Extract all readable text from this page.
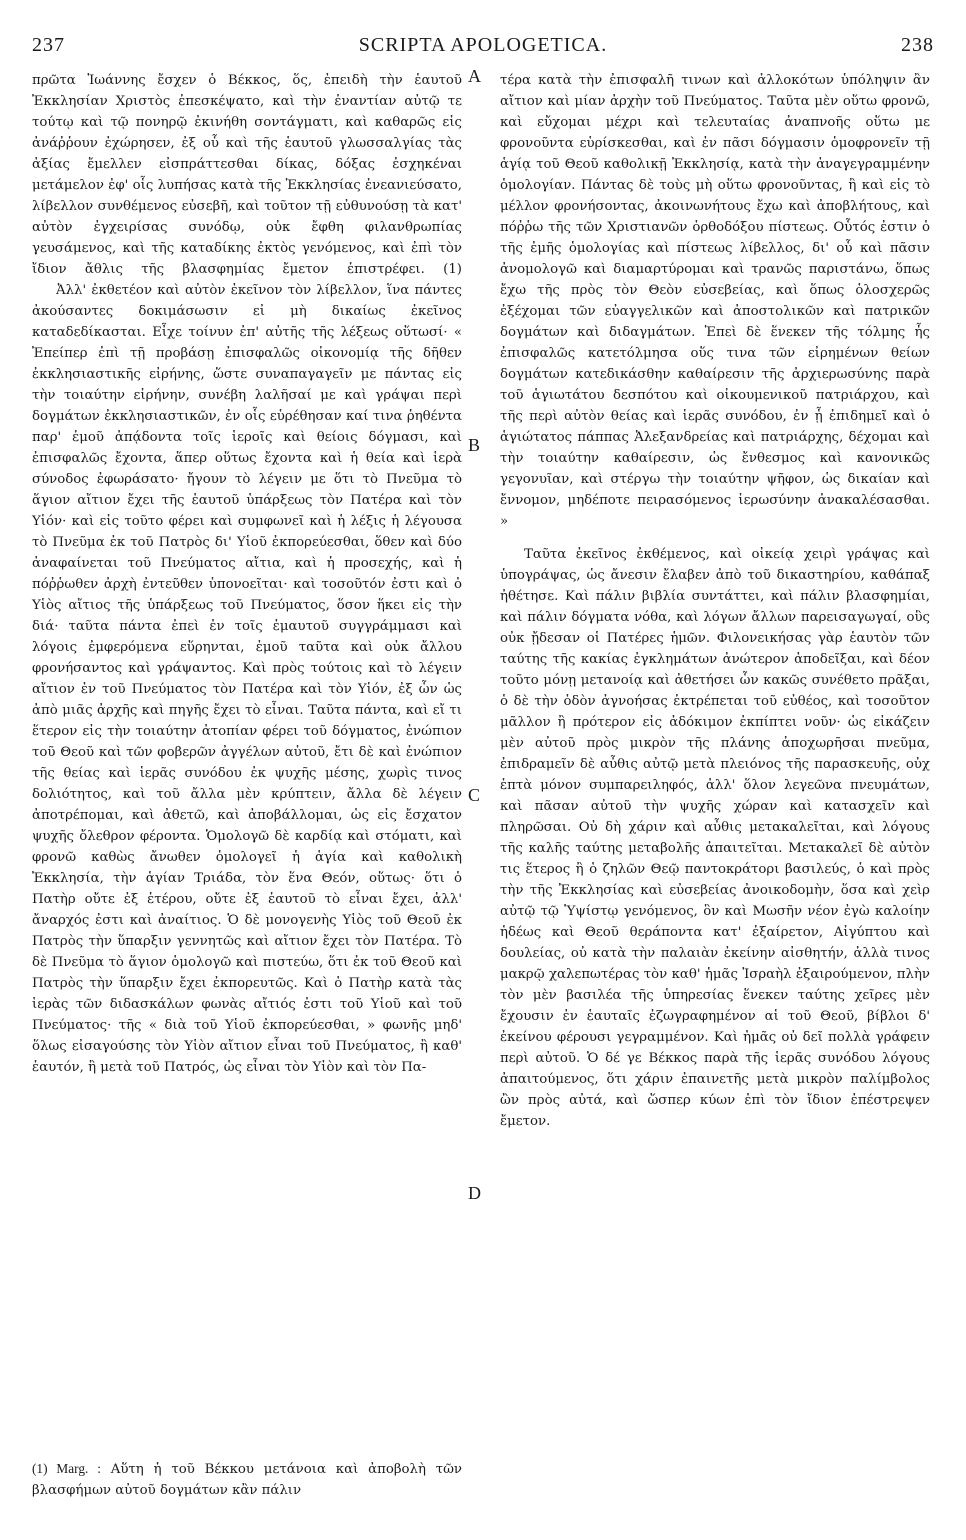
237	SCRIPTA APOLOGETICA.	238

πρῶτα Ἰωάννης ἔσχεν ὁ Βέκκος, ὅς, ἐπειδὴ τὴν ἑαυτοῦ Ἐκκλησίαν Χριστὸς ἐπεσκέψατο, καὶ τὴν ἐναντίαν αὐτῷ τε τούτῳ καὶ τῷ πονηρῷ ἐκινήθη σοντάγματι, καὶ καθαρῶς εἰς ἀνάῤῥουν ἐχώρησεν, ἐξ οὗ καὶ τῆς ἑαυτοῦ γλωσσαλγίας τὰς ἀξίας ἔμελλεν εἰσπράττεσθαι δίκας, δόξας ἐσχηκέναι μετάμελον ἐφ' οἷς λυπήσας κατὰ τῆς Ἐκκλησίας ἐνεανιεύσατο, λίβελλον συνθέμενος εὐσεβῆ, καὶ τοῦτον τῇ εὐθυνούσῃ τὰ κατ' αὐτὸν ἐγχειρίσας συνόδῳ, οὐκ ἔφθη φιλανθρωπίας γευσάμενος, καὶ τῆς καταδίκης ἐκτὸς γενόμενος, καὶ ἐπὶ τὸν ἴδιον ἄθλις τῆς βλασφημίας ἔμετον ἐπιστρέφει. (1)

Ἀλλ' ἐκθετέον καὶ αὐτὸν ἐκεῖνον τὸν λίβελλον, ἵνα πάντες ἀκούσαντες δοκιμάσωσιν εἰ μὴ δικαίως ἐκεῖνος καταδεδίκασται. Εἶχε τοίνυν ἐπ' αὐτῆς τῆς λέξεως οὕτωσί· « Ἐπείπερ ἐπὶ τῇ προβάσῃ ἐπισφαλῶς οἰκονομίᾳ τῆς δῆθεν ἐκκλησιαστικῆς εἰρήνης, ὥστε συναπαγαγεῖν με πάντας εἰς τὴν τοιαύτην εἰρήνην, συνέβη λαλῆσαί με καὶ γράψαι περὶ δογμάτων ἐκκλησιαστικῶν, ἐν οἷς εὑρέθησαν καί τινα ῥηθέντα παρ' ἐμοῦ ἀπᾴδοντα τοῖς ἱεροῖς καὶ θείοις δόγμασι, καὶ ἐπισφαλῶς ἔχοντα, ἅπερ οὕτως ἔχοντα καὶ ἡ θεία καὶ ἱερὰ σύνοδος ἐφωράσατο· ἤγουν τὸ λέγειν με ὅτι τὸ Πνεῦμα τὸ ἅγιον αἴτιον ἔχει τῆς ἑαυτοῦ ὑπάρξεως τὸν Πατέρα καὶ τὸν Υἱόν· καὶ εἰς τοῦτο φέρει καὶ συμφωνεῖ καὶ ἡ λέξις ἡ λέγουσα τὸ Πνεῦμα ἐκ τοῦ Πατρὸς δι' Υἱοῦ ἐκπορεύεσθαι, ὅθεν καὶ δύο ἀναφαίνεται τοῦ Πνεύματος αἴτια, καὶ ἡ προσεχής, καὶ ἡ πόῤῥωθεν ἀρχὴ ἐντεῦθεν ὑπονοεῖται· καὶ τοσοῦτόν ἐστι καὶ ὁ Υἱὸς αἴτιος τῆς ὑπάρξεως τοῦ Πνεύματος, ὅσον ἥκει εἰς τὴν διά· ταῦτα πάντα ἐπεὶ ἐν τοῖς ἐμαυτοῦ συγγράμμασι καὶ λόγοις ἐμφερόμενα εὕρηνται, ἐμοῦ ταῦτα καὶ οὐκ ἄλλου φρονήσαντος καὶ γράψαντος. Καὶ πρὸς τούτοις καὶ τὸ λέγειν αἴτιον ἐν τοῦ Πνεύματος τὸν Πατέρα καὶ τὸν Υἱόν, ἐξ ὧν ὡς ἀπὸ μιᾶς ἀρχῆς καὶ πηγῆς ἔχει τὸ εἶναι. Ταῦτα πάντα, καὶ εἴ τι ἕτερον εἰς τὴν τοιαύτην ἀτοπίαν φέρει τοῦ δόγματος, ἐνώπιον τοῦ Θεοῦ καὶ τῶν φοβερῶν ἀγγέλων αὐτοῦ, ἔτι δὲ καὶ ἐνώπιον τῆς θείας καὶ ἱερᾶς συνόδου ἐκ ψυχῆς μέσης, χωρὶς τινος δολιότητος, καὶ τοῦ ἄλλα μὲν κρύπτειν, ἄλλα δὲ λέγειν ἀποτρέπομαι, καὶ ἀθετῶ, καὶ ἀποβάλλομαι, ὡς εἰς ἔσχατον ψυχῆς ὄλεθρον φέροντα. Ὁμολογῶ δὲ καρδίᾳ καὶ στόματι, καὶ φρονῶ καθὼς ἄνωθεν ὁμολογεῖ ἡ ἁγία καὶ καθολικὴ Ἐκκλησία, τὴν ἁγίαν Τριάδα, τὸν ἕνα Θεόν, οὕτως· ὅτι ὁ Πατὴρ οὔτε ἐξ ἑτέρου, οὔτε ἐξ ἑαυτοῦ τὸ εἶναι ἔχει, ἀλλ' ἄναρχός ἐστι καὶ ἀναίτιος. Ὁ δὲ μονογενὴς Υἱὸς τοῦ Θεοῦ ἐκ Πατρὸς τὴν ὕπαρξιν γεννητῶς καὶ αἴτιον ἔχει τὸν Πατέρα. Τὸ δὲ Πνεῦμα τὸ ἅγιον ὁμολογῶ καὶ πιστεύω, ὅτι ἐκ τοῦ Θεοῦ καὶ Πατρὸς τὴν ὕπαρξιν ἔχει ἐκπορευτῶς. Καὶ ὁ Πατὴρ κατὰ τὰς ἱερὰς τῶν διδασκάλων φωνὰς αἴτιός ἐστι τοῦ Υἱοῦ καὶ τοῦ Πνεύματος· τῆς « διὰ τοῦ Υἱοῦ ἐκπορεύεσθαι, » φωνῆς μηδ' ὅλως εἰσαγούσης τὸν Υἱὸν αἴτιον εἶναι τοῦ Πνεύματος, ἢ καθ' ἑαυτόν, ἢ μετὰ τοῦ Πατρός, ὡς εἶναι τὸν Υἱὸν καὶ τὸν Πα-

A
B
C
D

τέρα κατὰ τὴν ἐπισφαλῆ τινων καὶ ἀλλοκότων ὑπόληψιν ἂν αἴτιον καὶ μίαν ἀρχὴν τοῦ Πνεύματος. Ταῦτα μὲν οὕτω φρονῶ, καὶ εὔχομαι μέχρι καὶ τελευταίας ἀναπνοῆς οὕτω με φρονοῦντα εὑρίσκεσθαι, καὶ ἐν πᾶσι δόγμασιν ὁμοφρονεῖν τῇ ἁγίᾳ τοῦ Θεοῦ καθολικῇ Ἐκκλησίᾳ, κατὰ τὴν ἀναγεγραμμένην ὁμολογίαν. Πάντας δὲ τοὺς μὴ οὕτω φρονοῦντας, ἢ καὶ εἰς τὸ μέλλον φρονήσοντας, ἀκοινωνήτους ἔχω καὶ ἀποβλήτους, καὶ πόῤῥω τῆς τῶν Χριστιανῶν ὀρθοδόξου πίστεως. Οὗτός ἐστιν ὁ τῆς ἐμῆς ὁμολογίας καὶ πίστεως λίβελλος, δι' οὗ καὶ πᾶσιν ἀνομολογῶ καὶ διαμαρτύρομαι καὶ τρανῶς παριστάνω, ὅπως ἔχω τῆς πρὸς τὸν Θεὸν εὐσεβείας, καὶ ὅπως ὁλοσχερῶς ἐξέχομαι τῶν εὐαγγελικῶν καὶ ἀποστολικῶν καὶ πατρικῶν δογμάτων καὶ διδαγμάτων. Ἐπεὶ δὲ ἕνεκεν τῆς τόλμης ἧς ἐπισφαλῶς κατετόλμησα οὕς τινα τῶν εἰρημένων θείων δογμάτων κατεδικάσθην καθαίρεσιν τῆς ἀρχιερωσύνης παρὰ τοῦ ἁγιωτάτου δεσπότου καὶ οἰκουμενικοῦ πατριάρχου, καὶ τῆς περὶ αὐτὸν θείας καὶ ἱερᾶς συνόδου, ἐν ᾗ ἐπιδημεῖ καὶ ὁ ἁγιώτατος πάππας Ἀλεξανδρείας καὶ πατριάρχης, δέχομαι καὶ τὴν τοιαύτην καθαίρεσιν, ὡς ἔνθεσμος καὶ κανονικῶς γεγονυῖαν, καὶ στέργω τὴν τοιαύτην ψῆφον, ὡς δικαίαν καὶ ἔννομον, μηδέποτε πειρασόμενος ἱερωσύνην ἀνακαλέσασθαι. »

Ταῦτα ἐκεῖνος ἐκθέμενος, καὶ οἰκείᾳ χειρὶ γράψας καὶ ὑπογράψας, ὡς ἄνεσιν ἔλαβεν ἀπὸ τοῦ δικαστηρίου, καθάπαξ ἠθέτησε. Καὶ πάλιν βιβλία συντάττει, καὶ πάλιν βλασφημίαι, καὶ πάλιν δόγματα νόθα, καὶ λόγων ἄλλων παρεισαγωγαί, οὓς οὐκ ᾔδεσαν οἱ Πατέρες ἡμῶν. Φιλονεικήσας γὰρ ἑαυτὸν τῶν ταύτης τῆς κακίας ἐγκλημάτων ἀνώτερον ἀποδεῖξαι, καὶ δέον τοῦτο μόνῃ μετανοίᾳ καὶ ἀθετήσει ὧν κακῶς συνέθετο πρᾶξαι, ὁ δὲ τὴν ὁδὸν ἀγνοήσας ἐκτρέπεται τοῦ εὐθέος, καὶ τοσοῦτον μᾶλλον ἢ πρότερον εἰς ἀδόκιμον ἐκπίπτει νοῦν· ὡς εἰκάζειν μὲν αὐτοῦ πρὸς μικρὸν τῆς πλάνης ἀποχωρῆσαι πνεῦμα, ἐπιδραμεῖν δὲ αὖθις αὐτῷ μετὰ πλειόνος τῆς παρασκευῆς, οὐχ ἑπτὰ μόνον συμπαρειληφός, ἀλλ' ὅλον λεγεῶνα πνευμάτων, καὶ πᾶσαν αὐτοῦ τὴν ψυχῆς χώραν καὶ κατασχεῖν καὶ πληρῶσαι. Οὐ δὴ χάριν καὶ αὖθις μετακαλεῖται, καὶ λόγους τῆς καλῆς ταύτης μεταβολῆς ἀπαιτεῖται. Μετακαλεῖ δὲ αὐτὸν τις ἕτερος ἢ ὁ ζηλῶν Θεῷ παντοκράτορι βασιλεύς, ὁ καὶ πρὸς τὴν τῆς Ἐκκλησίας καὶ εὐσεβείας ἀνοικοδομὴν, ὅσα καὶ χεὶρ αὐτῷ τῷ Ὑψίστῳ γενόμενος, ὃν καὶ Μωσῆν νέον ἐγὼ καλοίην ἡδέως καὶ Θεοῦ θεράποντα κατ' ἐξαίρετον, Αἰγύπτου καὶ δουλείας, οὐ κατὰ τὴν παλαιὰν ἐκείνην αἰσθητήν, ἀλλὰ τινος μακρῷ χαλεπωτέρας τὸν καθ' ἡμᾶς Ἰσραὴλ ἐξαιρούμενον, πλὴν τὸν μὲν βασιλέα τῆς ὑπηρεσίας ἕνεκεν ταύτης χεῖρες μὲν ἔχουσιν ἐν ἑαυταῖς ἐζωγραφημένον αἱ τοῦ Θεοῦ, βίβλοι δ' ἐκείνου φέρουσι γεγραμμένον. Καὶ ἡμᾶς οὐ δεῖ πολλὰ γράφειν περὶ αὐτοῦ. Ὁ δέ γε Βέκκος παρὰ τῆς ἱερᾶς συνόδου λόγους ἀπαιτούμενος, ὅτι χάριν ἐπαινετῆς μετὰ μικρὸν παλίμβολος ὢν πρὸς αὐτά, καὶ ὥσπερ κύων ἐπὶ τὸν ἴδιον ἐπέστρεψεν ἔμετον.

(1) Marg. : Αὕτη ἡ τοῦ Βέκκου μετάνοια καὶ ἀποβολὴ τῶν βλασφήμων αὐτοῦ δογμάτων κἂν πάλιν
